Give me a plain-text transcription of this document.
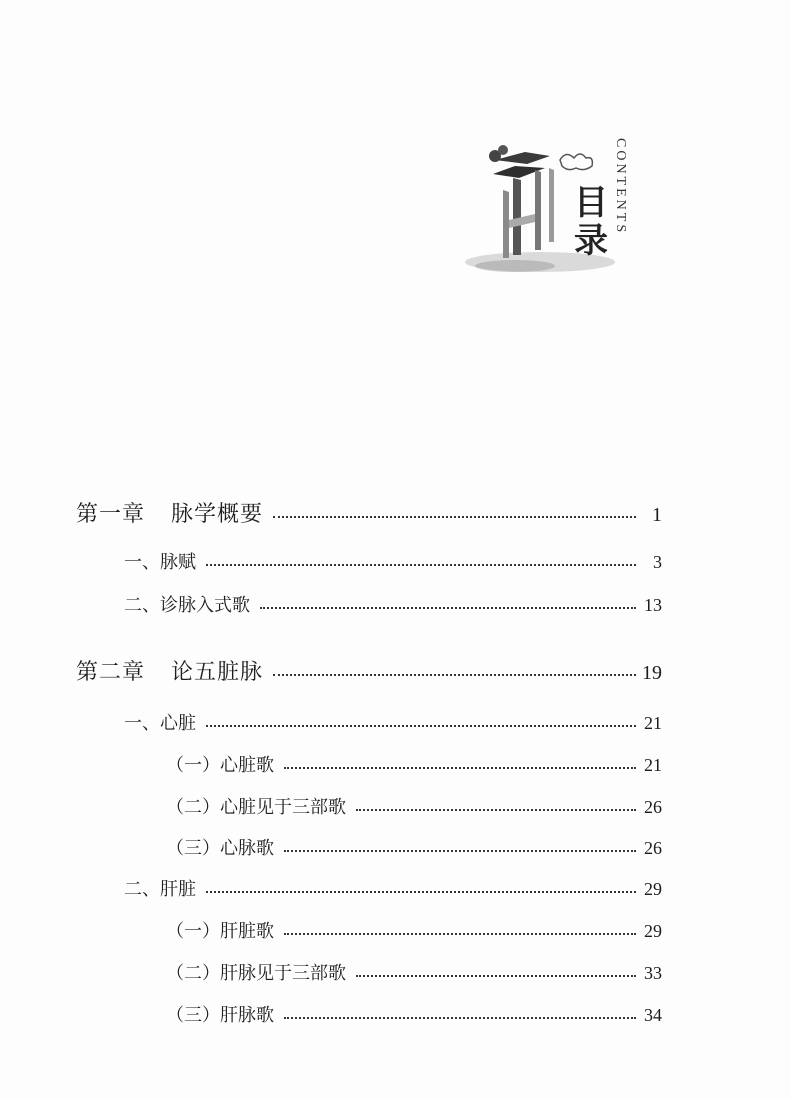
目
录
CONTENTS
第一章 脉学概要	1
一、脉赋	3
二、诊脉入式歌	13
第二章 论五脏脉	19
一、心脏	21
（一）心脏歌	21
（二）心脏见于三部歌	26
（三）心脉歌	26
二、肝脏	29
（一）肝脏歌	29
（二）肝脉见于三部歌	33
（三）肝脉歌	34
